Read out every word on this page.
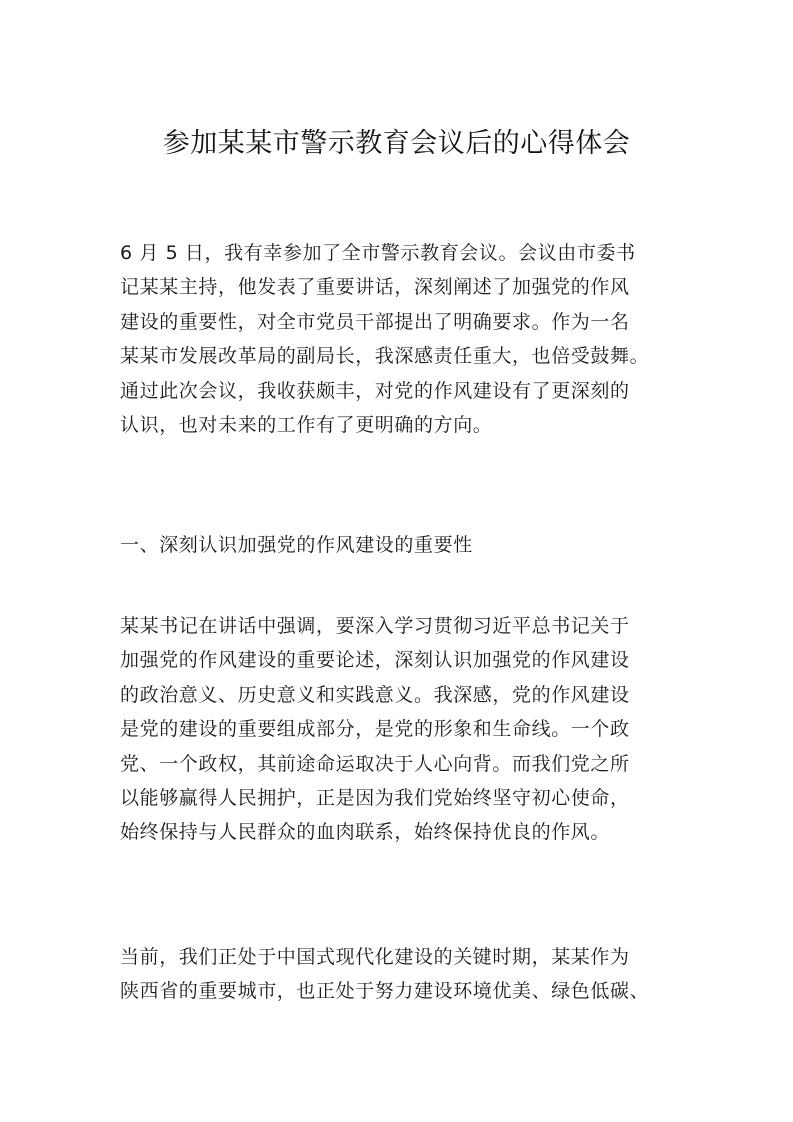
参加某某市警示教育会议后的心得体会
6 月 5 日，我有幸参加了全市警示教育会议。会议由市委书
记某某主持，他发表了重要讲话，深刻阐述了加强党的作风
建设的重要性，对全市党员干部提出了明确要求。作为一名
某某市发展改革局的副局长，我深感责任重大，也倍受鼓舞。
通过此次会议，我收获颇丰，对党的作风建设有了更深刻的
认识，也对未来的工作有了更明确的方向。
一、深刻认识加强党的作风建设的重要性
某某书记在讲话中强调，要深入学习贯彻习近平总书记关于
加强党的作风建设的重要论述，深刻认识加强党的作风建设
的政治意义、历史意义和实践意义。我深感，党的作风建设
是党的建设的重要组成部分，是党的形象和生命线。一个政
党、一个政权，其前途命运取决于人心向背。而我们党之所
以能够赢得人民拥护，正是因为我们党始终坚守初心使命，
始终保持与人民群众的血肉联系，始终保持优良的作风。
当前，我们正处于中国式现代化建设的关键时期，某某作为
陕西省的重要城市，也正处于努力建设环境优美、绿色低碳、
